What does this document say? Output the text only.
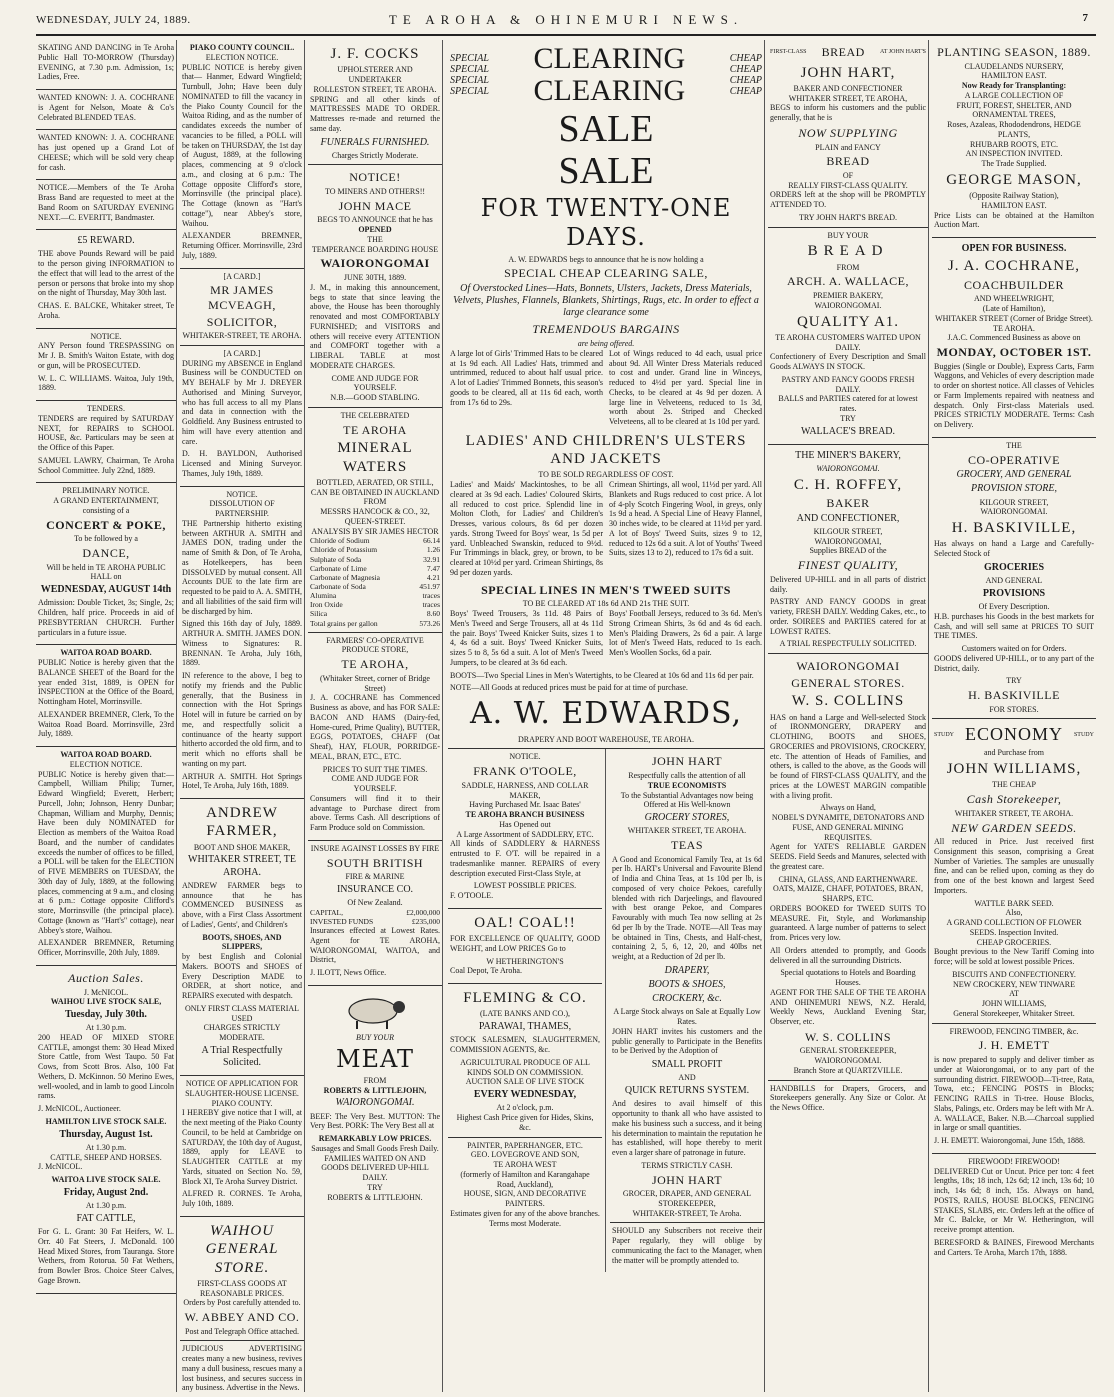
WEDNESDAY, JULY 24, 1889.	TE AROHA & OHINEMURI NEWS.	7

SKATING AND DANCING in Te Aroha Public Hall TO-MORROW (Thursday) EVENING, at 7.30 p.m. Admission, 1s; Ladies, Free.

WANTED KNOWN: J. A. COCHRANE is Agent for Nelson, Moate & Co's Celebrated BLENDED TEAS.

WANTED KNOWN: J. A. COCHRANE has just opened up a Grand Lot of CHEESE; which will be sold very cheap for cash.

NOTICE.—Members of the Te Aroha Brass Band are requested to meet at the Band Room on SATURDAY EVENING NEXT.—C. EVERITT, Bandmaster.

£5 REWARD.

THE above Pounds Reward will be paid to the person giving INFORMATION to the effect that will lead to the arrest of the person or persons that broke into my shop on the night of Thursday, May 30th last.

CHAS. E. BALCKE, Whitaker street, Te Aroha.

NOTICE.

ANY Person found TRESPASSING on Mr J. B. Smith's Waiton Estate, with dog or gun, will be PROSECUTED.

W. L. C. WILLIAMS. Waitoa, July 19th, 1889.

TENDERS.

TENDERS are required by SATURDAY NEXT, for REPAIRS to SCHOOL HOUSE, &c. Particulars may be seen at the Office of this Paper.

SAMUEL LAWRY, Chairman, Te Aroha School Committee. July 22nd, 1889.

PRELIMINARY NOTICE.
A GRAND ENTERTAINMENT, consisting of a
CONCERT & POKE,
To be followed by a
DANCE,
Will be held in TE AROHA PUBLIC HALL on
WEDNESDAY, AUGUST 14th

Admission: Double Ticket, 3s; Single, 2s; Children, half price. Proceeds in aid of PRESBYTERIAN CHURCH. Further particulars in a future issue.

WAITOA ROAD BOARD.

PUBLIC Notice is hereby given that the BALANCE SHEET of the Board for the year ended 31st, 1889, is OPEN for INSPECTION at the Office of the Board, Nottingham Hotel, Morrinsville.

ALEXANDER BREMNER, Clerk, To the Waitoa Road Board. Morrinsville, 23rd July, 1889.

WAITOA ROAD BOARD.
ELECTION NOTICE.

PUBLIC Notice is hereby given that:— Campbell, William Philip; Turner, Edward Wingfield; Everett, Herbert; Purcell, John; Johnson, Henry Dunbar; Chapman, William and Murphy, Dennis; Have been duly NOMINATED for Election as members of the Waitoa Road Board, and the number of candidates exceeds the number of offices to be filled, a POLL will be taken for the ELECTION of FIVE MEMBERS on TUESDAY, the 30th day of July, 1889, at the following places, commencing at 9 a.m., and closing at 6 p.m.: Cottage opposite Clifford's store, Morrinsville (the principal place). Cottage (known as "Hart's" cottage), near Abbey's store, Waihou.

ALEXANDER BREMNER, Returning Officer, Morrinsville, 20th July, 1889.

Auction Sales.
J. McNICOL.
WAIHOU LIVE STOCK SALE,
Tuesday, July 30th.
At 1.30 p.m.

200 HEAD OF MIXED STORE CATTLE, amongst them: 30 Head Mixed Store Cattle, from West Taupo. 50 Fat Cows, from Scott Bros. Also, 100 Fat Wethers, D. McKinnon. 50 Merino Ewes, well-wooled, and in lamb to good Lincoln rams.

J. McNICOL, Auctioneer.

HAMILTON LIVE STOCK SALE.
Thursday, August 1st.
At 1.30 p.m.
CATTLE, SHEEP AND HORSES.

J. McNICOL.

WAITOA LIVE STOCK SALE.
Friday, August 2nd.
At 1.30 p.m.
FAT CATTLE,

For G. L. Grant: 30 Fat Heifers, W. L. Orr. 40 Fat Steers, J. McDonald. 100 Head Mixed Stores, from Tauranga. Store Wethers, from Rotorua. 50 Fat Wethers, from Bowler Bros. Choice Steer Calves, Gage Brown.

PIAKO COUNTY COUNCIL.
ELECTION NOTICE.

PUBLIC NOTICE is hereby given that— Hanmer, Edward Wingfield; Turnbull, John; Have been duly NOMINATED to fill the vacancy in the Piako County Council for the Waitoa Riding, and as the number of candidates exceeds the number of vacancies to be filled, a POLL will be taken on THURSDAY, the 1st day of August, 1889, at the following places, commencing at 9 o'clock a.m., and closing at 6 p.m.: The Cottage opposite Clifford's store, Morrinsville (the principal place). The Cottage (known as "Hart's cottage"), near Abbey's store, Waihou.

ALEXANDER BREMNER, Returning Officer. Morrinsville, 23rd July, 1889.

[A CARD.]
MR JAMES MCVEAGH,
SOLICITOR,
WHITAKER-STREET, TE AROHA.
[A CARD.]

DURING my ABSENCE in England Business will be CONDUCTED on MY BEHALF by Mr J. DREYER Authorised and Mining Surveyor, who has full access to all my Plans and data in connection with the Goldfield. Any Business entrusted to him will have every attention and care.

D. H. BAYLDON, Authorised Licensed and Mining Surveyor. Thames, July 19th, 1889.

NOTICE.
DISSOLUTION OF PARTNERSHIP.

THE Partnership hitherto existing between ARTHUR A. SMITH and JAMES DON, trading under the name of Smith & Don, of Te Aroha, as Hotelkeepers, has been DISSOLVED by mutual consent. All Accounts DUE to the late firm are requested to be paid to A. A. SMITH, and all liabilities of the said firm will be discharged by him.

Signed this 16th day of July, 1889. ARTHUR A. SMITH. JAMES DON. Witness to Signatures: R. BRENNAN. Te Aroha, July 16th, 1889.

IN reference to the above, I beg to notify my friends and the Public generally, that the Business in connection with the Hot Springs Hotel will in future be carried on by me, and respectfully solicit a continuance of the hearty support hitherto accorded the old firm, and to merit which no efforts shall be wanting on my part.

ARTHUR A. SMITH. Hot Springs Hotel, Te Aroha, July 16th, 1889.

ANDREW FARMER,
BOOT AND SHOE MAKER,
WHITAKER STREET, TE AROHA.

ANDREW FARMER begs to announce that he has COMMENCED BUSINESS as above, with a First Class Assortment of Ladies', Gents', and Children's

BOOTS, SHOES, AND SLIPPERS,

by best English and Colonial Makers. BOOTS and SHOES of Every Description MADE to ORDER, at short notice, and REPAIRS executed with despatch.

ONLY FIRST CLASS MATERIAL USED
CHARGES STRICTLY MODERATE.
A Trial Respectfully Solicited.
NOTICE OF APPLICATION FOR SLAUGHTER-HOUSE LICENSE.
PIAKO COUNTY.

I HEREBY give notice that I will, at the next meeting of the Piako County Council, to be held at Cambridge on SATURDAY, the 10th day of August, 1889, apply for LEAVE to SLAUGHTER CATTLE at my Yards, situated on Section No. 59, Block XI, Te Aroha Survey District.

ALFRED R. CORNES. Te Aroha, July 10th, 1889.

WAIHOU GENERAL STORE.
FIRST-CLASS GOODS AT REASONABLE PRICES.
Orders by Post carefully attended to.
W. ABBEY AND CO.
Post and Telegraph Office attached.

JUDICIOUS ADVERTISING creates many a new business, revives many a dull business, rescues many a lost business, and secures success in any business. Advertise in the News.

J. F. COCKS
UPHOLSTERER AND UNDERTAKER
ROLLESTON STREET, TE AROHA.

SPRING and all other kinds of MATTRESSES MADE TO ORDER. Mattresses re-made and returned the same day.

FUNERALS FURNISHED.
Charges Strictly Moderate.
NOTICE!
TO MINERS AND OTHERS!!
JOHN MACE
BEGS TO ANNOUNCE that he has
OPENED
THE
TEMPERANCE BOARDING HOUSE
WAIORONGOMAI
JUNE 30TH, 1889.

J. M., in making this announcement, begs to state that since leaving the above, the House has been thoroughly renovated and most COMFORTABLY FURNISHED; and VISITORS and others will receive every ATTENTION and COMFORT together with a LIBERAL TABLE at most MODERATE CHARGES.

COME AND JUDGE FOR YOURSELF.
N.B.—GOOD STABLING.
THE CELEBRATED
TE AROHA
MINERAL WATERS
BOTTLED, AERATED, OR STILL,
CAN BE OBTAINED IN AUCKLAND FROM
MESSRS HANCOCK & CO., 32, QUEEN-STREET.
ANALYSIS BY SIR JAMES HECTOR
Chloride of Sodium	66.14
Chloride of Potassium	1.26
Sulphate of Soda	32.91
Carbonate of Lime	7.47
Carbonate of Magnesia	4.21
Carbonate of Soda	451.97
Alumina	traces
Iron Oxide	traces
Silica	8.60
Total grains per gallon	573.26
FARMERS' CO-OPERATIVE PRODUCE STORE,
TE AROHA,
(Whitaker Street, corner of Bridge Street)

J. A. COCHRANE has Commenced Business as above, and has FOR SALE: BACON AND HAMS (Dairy-fed, Home-cured, Prime Quality), BUTTER, EGGS, POTATOES, CHAFF (Oat Sheaf), HAY, FLOUR, PORRIDGE-MEAL, BRAN, ETC., ETC.

PRICES TO SUIT THE TIMES.
COME AND JUDGE FOR YOURSELF.

Consumers will find it to their advantage to Purchase direct from above. Terms Cash. All descriptions of Farm Produce sold on Commission.

INSURE AGAINST LOSSES BY FIRE
SOUTH BRITISH
FIRE & MARINE
INSURANCE CO.
Of New Zealand.
CAPITAL,	£2,000,000
INVESTED FUNDS	£235,000

Insurances effected at Lowest Rates. Agent for TE AROHA, WAIORONGOMAI, WAITOA, and District,

J. ILOTT, News Office.

BUY YOUR
MEAT
FROM
ROBERTS & LITTLEJOHN,
WAIORONGOMAI.

BEEF: The Very Best. MUTTON: The Very Best. PORK: The Very Best all at

REMARKABLY LOW PRICES.
Sausages and Small Goods Fresh Daily.
FAMILIES WAITED ON AND GOODS DELIVERED UP-HILL DAILY.
TRY
ROBERTS & LITTLEJOHN.
SPECIAL
SPECIAL
SPECIAL
SPECIAL
CLEARING
CLEARING
CHEAP
CHEAP
CHEAP
CHEAP
SALE
SALE
FOR TWENTY-ONE DAYS.
A. W. EDWARDS begs to announce that he is now holding a
SPECIAL CHEAP CLEARING SALE,

Of Overstocked Lines—Hats, Bonnets, Ulsters, Jackets, Dress Materials, Velvets, Plushes, Flannels, Blankets, Shirtings, Rugs, etc. In order to effect a large clearance some

TREMENDOUS BARGAINS
are being offered.

A large lot of Girls' Trimmed Hats to be cleared at 1s 9d each. All Ladies' Hats, trimmed and untrimmed, reduced to about half usual price. A lot of Ladies' Trimmed Bonnets, this season's goods to be cleared, all at 11s 6d each, worth from 17s 6d to 29s.

Lot of Wings reduced to 4d each, usual price about 9d. All Winter Dress Materials reduced to cost and under. Grand line in Winceys, reduced to 4½d per yard. Special line in Checks, to be cleared at 4s 9d per dozen. A large line in Velveteens, reduced to 1s 3d, worth about 2s. Striped and Checked Velveteens, all to be cleared at 1s 10d per yard.

LADIES' AND CHILDREN'S ULSTERS AND JACKETS
TO BE SOLD REGARDLESS OF COST.

Ladies' and Maids' Mackintoshes, to be all cleared at 3s 9d each. Ladies' Coloured Skirts, all reduced to cost price. Splendid line in Molton Cloth, for Ladies' and Children's Dresses, various colours, 8s 6d per dozen yards. Strong Tweed for Boys' wear, 1s 5d per yard. Unbleached Swanskin, reduced to 9½d. Fur Trimmings in black, grey, or brown, to be cleared at 10½d per yard. Crimean Shirtings, 8s 9d per dozen yards.

Crimean Shirtings, all wool, 11½d per yard. All Blankets and Rugs reduced to cost price. A lot of 4-ply Scotch Fingering Wool, in greys, only 1s 9d a head. A Special Line of Heavy Flannel, 30 inches wide, to be cleared at 11½d per yard. A lot of Boys' Tweed Suits, sizes 9 to 12, reduced to 12s 6d a suit. A lot of Youths' Tweed Suits, sizes 13 to 2), reduced to 17s 6d a suit.

SPECIAL LINES IN MEN'S TWEED SUITS
TO BE CLEARED AT 18s 6d AND 21s THE SUIT.

Boys' Tweed Trousers, 3s 11d. 48 Pairs of Men's Tweed and Serge Trousers, all at 4s 11d the pair. Boys' Tweed Knicker Suits, sizes 1 to 4, 4s 6d a suit. Boys' Tweed Knicker Suits, sizes 5 to 8, 5s 6d a suit. A lot of Men's Tweed Jumpers, to be cleared at 3s 6d each.

Boys' Football Jerseys, reduced to 3s 6d. Men's Strong Crimean Shirts, 3s 6d and 4s 6d each. Men's Plaiding Drawers, 2s 6d a pair. A large lot of Men's Tweed Hats, reduced to 1s each. Men's Woollen Socks, 6d a pair.

BOOTS—Two Special Lines in Men's Watertights, to be Cleared at 10s 6d and 11s 6d per pair.

NOTE—All Goods at reduced prices must be paid for at time of purchase.

A. W. EDWARDS,
DRAPERY AND BOOT WAREHOUSE, TE AROHA.
NOTICE.
FRANK O'TOOLE,
SADDLE, HARNESS, AND COLLAR MAKER,
Having Purchased Mr. Isaac Bates'
TE AROHA BRANCH BUSINESS
Has Opened out
A Large Assortment of SADDLERY, ETC.

All kinds of SADDLERY & HARNESS entrusted to F. O'T. will be repaired in a tradesmanlike manner. REPAIRS of every description executed First-Class Style, at

LOWEST POSSIBLE PRICES.

F. O'TOOLE.

OAL! COAL!!

FOR EXCELLENCE OF QUALITY, GOOD WEIGHT, and LOW PRICES Go to

W HETHERINGTON'S

Coal Depot, Te Aroha.

FLEMING & CO.
(LATE BANKS AND CO.),
PARAWAI, THAMES,

STOCK SALESMEN, SLAUGHTERMEN, COMMISSION AGENTS, &c.

AGRICULTURAL PRODUCE OF ALL KINDS SOLD ON COMMISSION.
AUCTION SALE OF LIVE STOCK
EVERY WEDNESDAY,
At 2 o'clock, p.m.
Highest Cash Price given for Hides, Skins, &c.
PAINTER, PAPERHANGER, ETC.
GEO. LOVEGROVE AND SON,
TE AROHA WEST
(formerly of Hamilton and Karangahape Road, Auckland),
HOUSE, SIGN, AND DECORATIVE PAINTERS.
Estimates given for any of the above branches. Terms most Moderate.
JOHN HART
Respectfully calls the attention of all
TRUE ECONOMISTS
To the Substantial Advantages now being Offered at His Well-known
GROCERY STORES,
WHITAKER STREET, TE AROHA.
TEAS

A Good and Economical Family Tea, at 1s 6d per lb. HART's Universal and Favourite Blend of India and China Teas, at 1s 10d per lb, is composed of very choice Pekoes, carefully blended with rich Darjeelings, and flavoured with best orange Pekoe, and Compares Favourably with much Tea now selling at 2s 6d per lb by the Trade. NOTE—All Teas may be obtained in Tins, Chests, and Half-chest, containing 2, 5, 6, 12, 20, and 40lbs net weight, at a Reduction of 2d per lb.

DRAPERY,
BOOTS & SHOES,
CROCKERY, &c.
A Large Stock always on Sale at Equally Low Rates.

JOHN HART invites his customers and the public generally to Participate in the Benefits to be Derived by the Adoption of

SMALL PROFIT
AND
QUICK RETURNS SYSTEM.

And desires to avail himself of this opportunity to thank all who have assisted to make his business such a success, and it being his determination to maintain the reputation he has established, will hope thereby to merit even a larger share of patronage in future.

TERMS STRICTLY CASH.
JOHN HART
GROCER, DRAPER, AND GENERAL STOREKEEPER,
WHITAKER-STREET, Te Aroha.

SHOULD any Subscribers not receive their Paper regularly, they will oblige by communicating the fact to the Manager, when the matter will be promptly attended to.

FIRST-CLASS BREAD	AT JOHN HART'S
JOHN HART,
BAKER AND CONFECTIONER
WHITAKER STREET, TE AROHA,

BEGS to inform his customers and the public generally, that he is

NOW SUPPLYING
PLAIN and FANCY
BREAD
OF
REALLY FIRST-CLASS QUALITY.

ORDERS left at the shop will be PROMPTLY ATTENDED TO.

TRY JOHN HART'S BREAD.
BUY YOUR
BREAD
FROM
ARCH. A. WALLACE,
PREMIER BAKERY,
WAIORONGOMAI.
QUALITY A1.
TE AROHA CUSTOMERS WAITED UPON DAILY.

Confectionery of Every Description and Small Goods ALWAYS IN STOCK.

PASTRY AND FANCY GOODS FRESH DAILY.
BALLS and PARTIES catered for at lowest rates.
TRY
WALLACE'S BREAD.
THE MINER'S BAKERY,
WAIORONGOMAI.
C. H. ROFFEY,
BAKER
AND CONFECTIONER,
KILGOUR STREET,
WAIORONGOMAI,
Supplies BREAD of the
FINEST QUALITY,

Delivered UP-HILL and in all parts of district daily.

PASTRY AND FANCY GOODS in great variety, FRESH DAILY. Wedding Cakes, etc., to order. SOIREES and PARTIES catered for at LOWEST RATES.

A TRIAL RESPECTFULLY SOLICITED.
WAIORONGOMAI
GENERAL STORES.
W. S. COLLINS

HAS on hand a Large and Well-selected Stock of IRONMONGERY, DRAPERY and CLOTHING, BOOTS and SHOES, GROCERIES and PROVISIONS, CROCKERY, etc. The attention of Heads of Families, and others, is called to the above, as the Goods will be found of FIRST-CLASS QUALITY, and the prices at the LOWEST MARGIN compatible with a living profit.

Always on Hand,
NOBEL'S DYNAMITE, DETONATORS AND FUSE, AND GENERAL MINING REQUISITES.

Agent for YATE'S RELIABLE GARDEN SEEDS. Field Seeds and Manures, selected with the greatest care.

CHINA, GLASS, AND EARTHENWARE.
OATS, MAIZE, CHAFF, POTATOES, BRAN, SHARPS, ETC.

ORDERS BOOKED for TWEED SUITS TO MEASURE. Fit, Style, and Workmanship guaranteed. A large number of patterns to select from. Prices very low.

All Orders attended to promptly, and Goods delivered in all the surrounding Districts.

Special quotations to Hotels and Boarding Houses.

AGENT FOR THE SALE OF THE TE AROHA AND OHINEMURI NEWS, N.Z. Herald, Weekly News, Auckland Evening Star, Observer, etc.

W. S. COLLINS
GENERAL STOREKEEPER, WAIORONGOMAI.
Branch Store at QUARTZVILLE.

HANDBILLS for Drapers, Grocers, and Storekeepers generally. Any Size or Color. At the News Office.

PLANTING SEASON, 1889.
CLAUDELANDS NURSERY,
HAMILTON EAST.
Now Ready for Transplanting:
A LARGE COLLECTION OF
FRUIT, FOREST, SHELTER, AND ORNAMENTAL TREES,
Roses, Azaleas, Rhododendrons, HEDGE PLANTS,
RHUBARB ROOTS, ETC.
AN INSPECTION INVITED.
The Trade Supplied.
GEORGE MASON,
(Opposite Railway Station),
HAMILTON EAST.

Price Lists can be obtained at the Hamilton Auction Mart.

OPEN FOR BUSINESS.
J. A. COCHRANE,
COACHBUILDER
AND WHEELWRIGHT,
(Late of Hamilton),
WHITAKER STREET (Corner of Bridge Street).
TE AROHA.
J.A.C. Commenced Business as above on
MONDAY, OCTOBER 1ST.

Buggies (Single or Double), Express Carts, Farm Waggons, and Vehicles of every description made to order on shortest notice. All classes of Vehicles or Farm Implements repaired with neatness and despatch. Only First-class Materials used. PRICES STRICTLY MODERATE. Terms: Cash on Delivery.

THE
CO-OPERATIVE
GROCERY, AND GENERAL
PROVISION STORE,
KILGOUR STREET,
WAIORONGOMAI.
H. BASKIVILLE,

Has always on hand a Large and Carefully-Selected Stock of

GROCERIES
AND GENERAL
PROVISIONS
Of Every Description.

H.B. purchases his Goods in the best markets for Cash, and will sell same at PRICES TO SUIT THE TIMES.

Customers waited on for Orders.

GOODS delivered UP-HILL, or to any part of the District, daily.

TRY
H. BASKIVILLE
FOR STORES.
STUDY ECONOMY STUDY
and Purchase from
JOHN WILLIAMS,
THE CHEAP
Cash Storekeeper,
WHITAKER STREET, TE AROHA.
NEW GARDEN SEEDS.

All reduced in Price. Just received first Consignment this season, comprising a Great Number of Varieties. The samples are unusually fine, and can be relied upon, coming as they do from one of the best known and largest Seed Importers.

WATTLE BARK SEED.
Also,
A GRAND COLLECTION OF FLOWER SEEDS. Inspection Invited.
CHEAP GROCERIES.

Bought previous to the New Tariff Coming into force; will be sold at lowest possible Prices.

BISCUITS AND CONFECTIONERY.
NEW CROCKERY, NEW TINWARE
AT
JOHN WILLIAMS,
General Storekeeper, Whitaker Street.
FIREWOOD, FENCING TIMBER, &c.
J. H. EMETT

is now prepared to supply and deliver timber as under at Waiorongomai, or to any part of the surrounding district. FIREWOOD—Ti-tree, Rata, Towa, etc.; FENCING POSTS in Blocks; FENCING RAILS in Ti-tree. House Blocks, Slabs, Palings, etc. Orders may be left with Mr A. A. WALLACE, Baker. N.B.—Charcoal supplied in large or small quantities.

J. H. EMETT. Waiorongomai, June 15th, 1888.

FIREWOOD! FIREWOOD!

DELIVERED Cut or Uncut. Price per ton: 4 feet lengths, 18s; 18 inch, 12s 6d; 12 inch, 13s 6d; 10 inch, 14s 6d; 8 inch, 15s. Always on hand, POSTS, RAILS, HOUSE BLOCKS, FENCING STAKES, SLABS, etc. Orders left at the office of Mr C. Balcke, or Mr W. Hetherington, will receive prompt attention.

BERESFORD & BAINES, Firewood Merchants and Carters. Te Aroha, March 17th, 1888.
